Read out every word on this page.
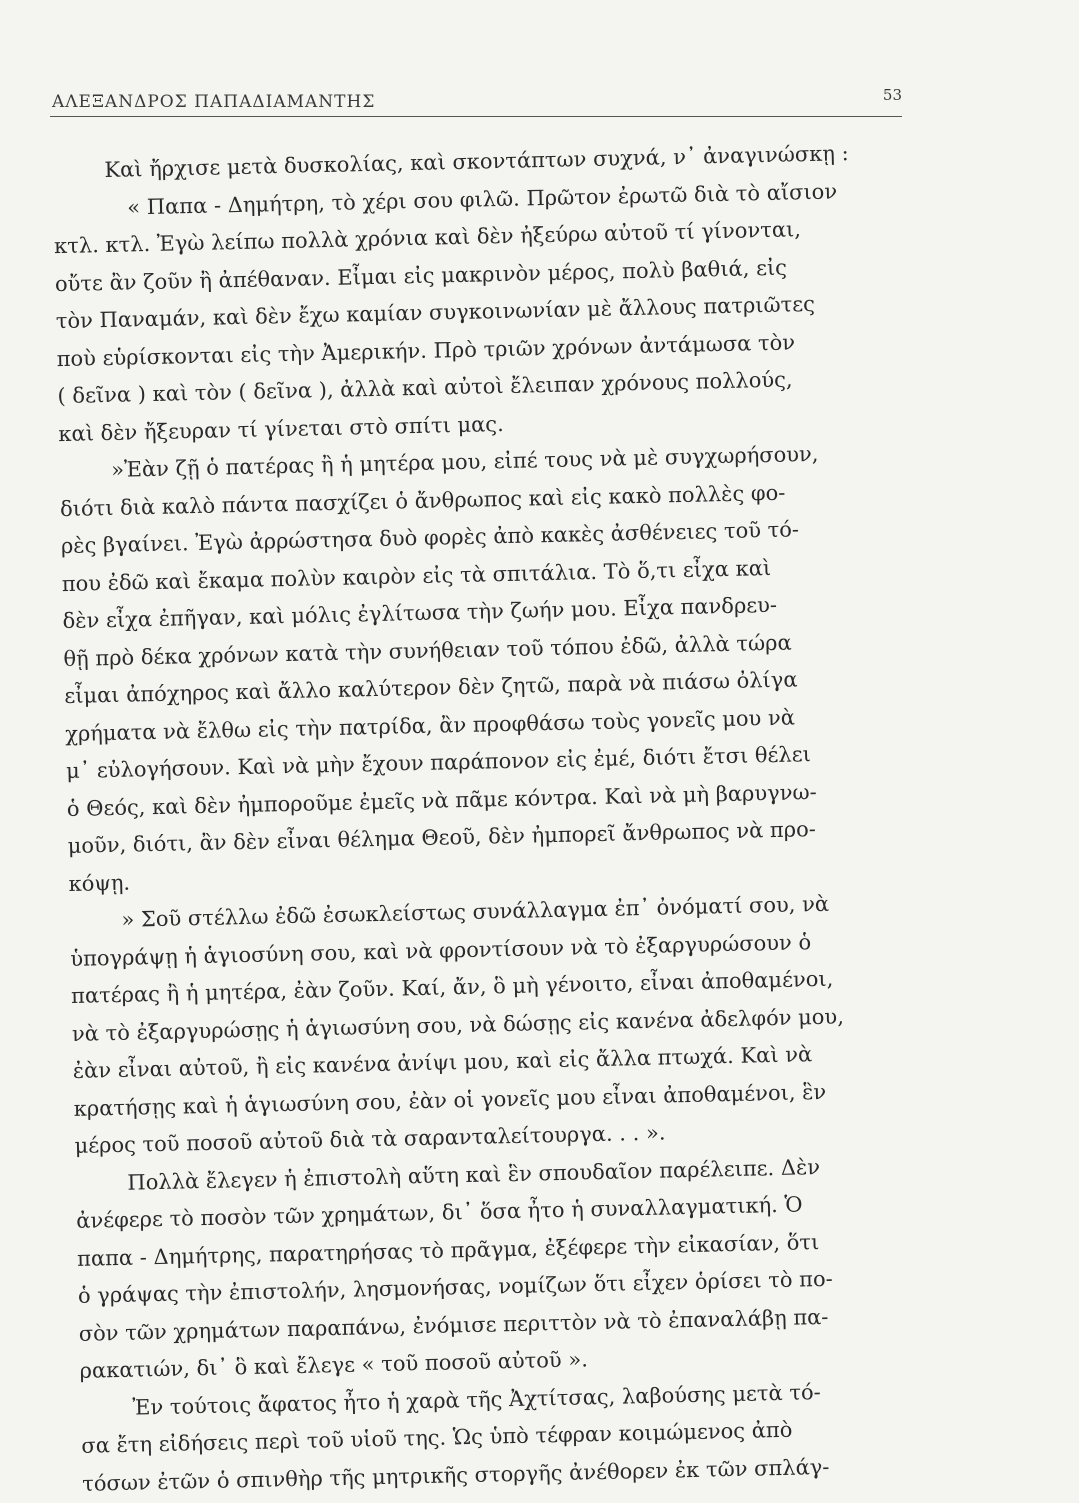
ΑΛΕΞΑΝΔΡΟΣ ΠΑΠΑΔΙΑΜΑΝΤΗΣ	53
Καὶ ἤρχισε μετὰ δυσκολίας, καὶ σκοντάπτων συχνά, ν᾽ ἀναγινώσκῃ :
« Παπα - Δημήτρη, τὸ χέρι σου φιλῶ. Πρῶτον ἐρωτῶ διὰ τὸ αἴσιον
κτλ. κτλ. Ἐγὼ λείπω πολλὰ χρόνια καὶ δὲν ἠξεύρω αὐτοῦ τί γίνονται,
οὔτε ἂν ζοῦν ἢ ἀπέθαναν. Εἶμαι εἰς μακρινὸν μέρος, πολὺ βαθιά, εἰς
τὸν Παναμάν, καὶ δὲν ἔχω καμίαν συγκοινωνίαν μὲ ἄλλους πατριῶτες
ποὺ εὑρίσκονται εἰς τὴν Ἀμερικήν. Πρὸ τριῶν χρόνων ἀντάμωσα τὸν
( δεῖνα ) καὶ τὸν ( δεῖνα ), ἀλλὰ καὶ αὐτοὶ ἔλειπαν χρόνους πολλούς,
καὶ δὲν ἤξευραν τί γίνεται στὸ σπίτι μας.
»Ἐὰν ζῇ ὁ πατέρας ἢ ἡ μητέρα μου, εἰπέ τους νὰ μὲ συγχωρήσουν,
διότι διὰ καλὸ πάντα πασχίζει ὁ ἄνθρωπος καὶ εἰς κακὸ πολλὲς φο-
ρὲς βγαίνει. Ἐγὼ ἀρρώστησα δυὸ φορὲς ἀπὸ κακὲς ἀσθένειες τοῦ τό-
που ἐδῶ καὶ ἔκαμα πολὺν καιρὸν εἰς τὰ σπιτάλια. Τὸ ὅ,τι εἶχα καὶ
δὲν εἶχα ἐπῆγαν, καὶ μόλις ἐγλίτωσα τὴν ζωήν μου. Εἶχα πανδρευ-
θῇ πρὸ δέκα χρόνων κατὰ τὴν συνήθειαν τοῦ τόπου ἐδῶ, ἀλλὰ τώρα
εἶμαι ἀπόχηρος καὶ ἄλλο καλύτερον δὲν ζητῶ, παρὰ νὰ πιάσω ὀλίγα
χρήματα νὰ ἔλθω εἰς τὴν πατρίδα, ἂν προφθάσω τοὺς γονεῖς μου νὰ
μ᾽ εὐλογήσουν. Καὶ νὰ μὴν ἔχουν παράπονον εἰς ἐμέ, διότι ἔτσι θέλει
ὁ Θεός, καὶ δὲν ἠμποροῦμε ἐμεῖς νὰ πᾶμε κόντρα. Καὶ νὰ μὴ βαρυγνω-
μοῦν, διότι, ἂν δὲν εἶναι θέλημα Θεοῦ, δὲν ἠμπορεῖ ἄνθρωπος νὰ προ-
κόψῃ.
» Σοῦ στέλλω ἐδῶ ἐσωκλείστως συνάλλαγμα ἐπ᾽ ὀνόματί σου, νὰ
ὑπογράψῃ ἡ ἁγιοσύνη σου, καὶ νὰ φροντίσουν νὰ τὸ ἐξαργυρώσουν ὁ
πατέρας ἢ ἡ μητέρα, ἐὰν ζοῦν. Καί, ἄν, ὃ μὴ γένοιτο, εἶναι ἀποθαμένοι,
νὰ τὸ ἐξαργυρώσῃς ἡ ἁγιωσύνη σου, νὰ δώσῃς εἰς κανένα ἀδελφόν μου,
ἐὰν εἶναι αὐτοῦ, ἢ εἰς κανένα ἀνίψι μου, καὶ εἰς ἄλλα πτωχά. Καὶ νὰ
κρατήσῃς καὶ ἡ ἁγιωσύνη σου, ἐὰν οἱ γονεῖς μου εἶναι ἀποθαμένοι, ἓν
μέρος τοῦ ποσοῦ αὐτοῦ διὰ τὰ σαρανταλείτουργα. . . ».
Πολλὰ ἔλεγεν ἡ ἐπιστολὴ αὕτη καὶ ἓν σπουδαῖον παρέλειπε. Δὲν
ἀνέφερε τὸ ποσὸν τῶν χρημάτων, δι᾽ ὅσα ἦτο ἡ συναλλαγματική. Ὁ
παπα - Δημήτρης, παρατηρήσας τὸ πρᾶγμα, ἐξέφερε τὴν εἰκασίαν, ὅτι
ὁ γράψας τὴν ἐπιστολήν, λησμονήσας, νομίζων ὅτι εἶχεν ὁρίσει τὸ πο-
σὸν τῶν χρημάτων παραπάνω, ἐνόμισε περιττὸν νὰ τὸ ἐπαναλάβῃ πα-
ρακατιών, δι᾽ ὃ καὶ ἔλεγε « τοῦ ποσοῦ αὐτοῦ ».
Ἐν τούτοις ἄφατος ἦτο ἡ χαρὰ τῆς Ἀχτίτσας, λαβούσης μετὰ τό-
σα ἔτη εἰδήσεις περὶ τοῦ υἱοῦ της. Ὡς ὑπὸ τέφραν κοιμώμενος ἀπὸ
τόσων ἐτῶν ὁ σπινθὴρ τῆς μητρικῆς στοργῆς ἀνέθορεν ἐκ τῶν σπλάγ-
